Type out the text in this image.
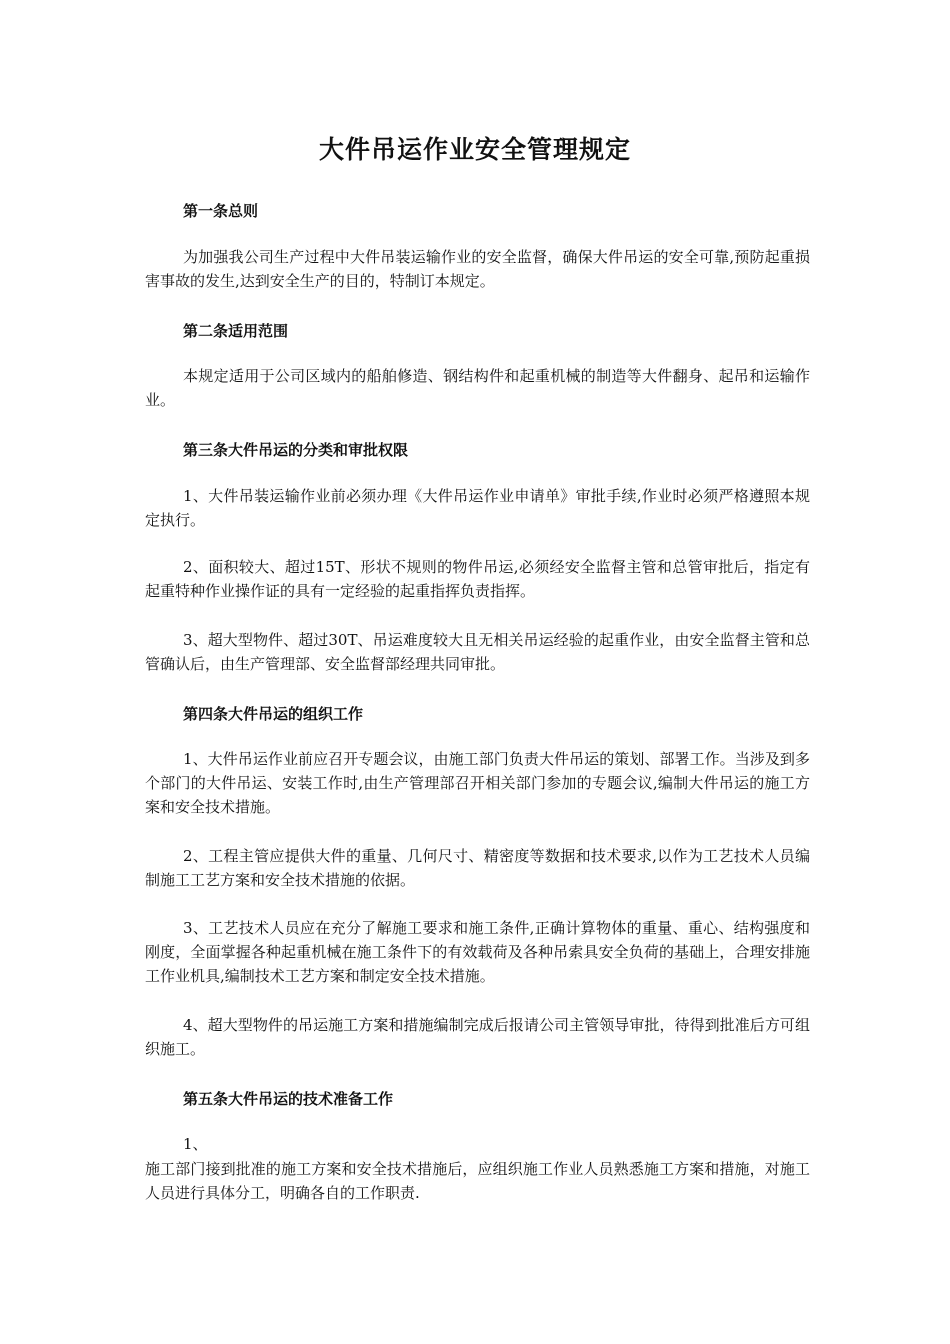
大件吊运作业安全管理规定
第一条总则
为加强我公司生产过程中大件吊装运输作业的安全监督，确保大件吊运的安全可靠,预防起重损害事故的发生,达到安全生产的目的，特制订本规定。
第二条适用范围
本规定适用于公司区域内的船舶修造、钢结构件和起重机械的制造等大件翻身、起吊和运输作业。
第三条大件吊运的分类和审批权限
1、大件吊装运输作业前必须办理《大件吊运作业申请单》审批手续,作业时必须严格遵照本规定执行。
2、面积较大、超过15T、形状不规则的物件吊运,必须经安全监督主管和总管审批后，指定有起重特种作业操作证的具有一定经验的起重指挥负责指挥。
3、超大型物件、超过30T、吊运难度较大且无相关吊运经验的起重作业，由安全监督主管和总管确认后，由生产管理部、安全监督部经理共同审批。
第四条大件吊运的组织工作
1、大件吊运作业前应召开专题会议，由施工部门负责大件吊运的策划、部署工作。当涉及到多个部门的大件吊运、安装工作时,由生产管理部召开相关部门参加的专题会议,编制大件吊运的施工方案和安全技术措施。
2、工程主管应提供大件的重量、几何尺寸、精密度等数据和技术要求,以作为工艺技术人员编制施工工艺方案和安全技术措施的依据。
3、工艺技术人员应在充分了解施工要求和施工条件,正确计算物体的重量、重心、结构强度和刚度，全面掌握各种起重机械在施工条件下的有效载荷及各种吊索具安全负荷的基础上，合理安排施工作业机具,编制技术工艺方案和制定安全技术措施。
4、超大型物件的吊运施工方案和措施编制完成后报请公司主管领导审批，待得到批准后方可组织施工。
第五条大件吊运的技术准备工作
1、
施工部门接到批准的施工方案和安全技术措施后，应组织施工作业人员熟悉施工方案和措施，对施工人员进行具体分工，明确各自的工作职责.
